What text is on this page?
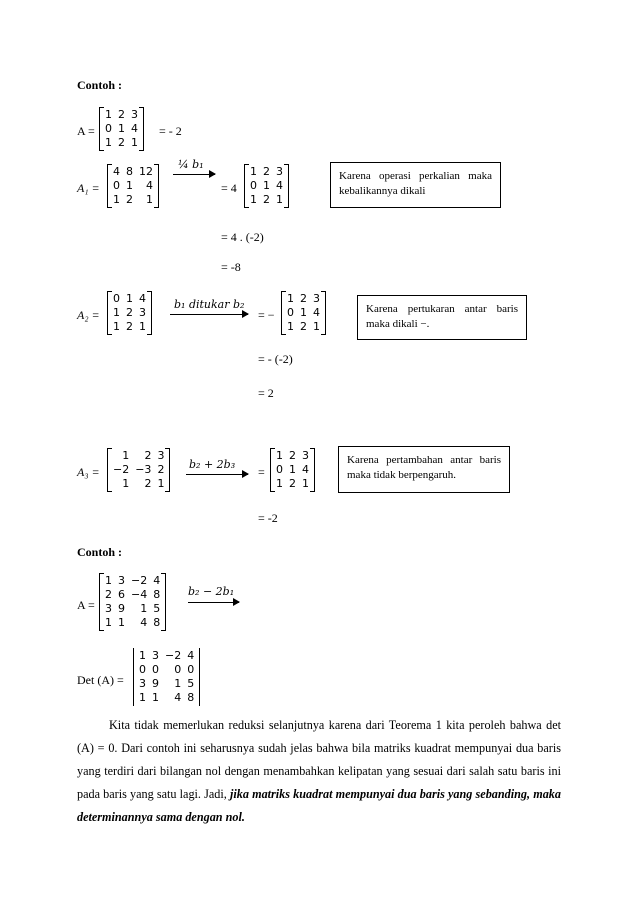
Contoh :
A =
1	2	3
0	1	4
1	2	1
= - 2
A₁ =
4	8	12
0	1	4
1	2	1
¼ b₁
= 4
1	2	3
0	1	4
1	2	1
= 4 . (-2)
= -8
Karena operasi perkalian maka kebalikannya dikali
A₂ =
0	1	4
1	2	3
1	2	1
b₁ ditukar b₂
= −
1	2	3
0	1	4
1	2	1
= - (-2)
= 2
Karena pertukaran antar baris maka dikali −.
A₃ =
1	2	3
−2	−3	2
1	2	1
b₂ + 2b₃
=
1	2	3
0	1	4
1	2	1
= -2
Karena pertambahan antar baris maka tidak berpengaruh.
Contoh :
A =
1	3	−2	4
2	6	−4	8
3	9	1	5
1	1	4	8
b₂ − 2b₁
Det (A) =
1	3	−2	4
0	0	0	0
3	9	1	5
1	1	4	8

Kita tidak memerlukan reduksi selanjutnya karena dari Teorema 1 kita peroleh bahwa det (A) = 0. Dari contoh ini seharusnya sudah jelas bahwa bila matriks kuadrat mempunyai dua baris yang terdiri dari bilangan nol dengan menambahkan kelipatan yang sesuai dari salah satu baris ini pada baris yang satu lagi. Jadi, jika matriks kuadrat mempunyai dua baris yang sebanding, maka determinannya sama dengan nol.
